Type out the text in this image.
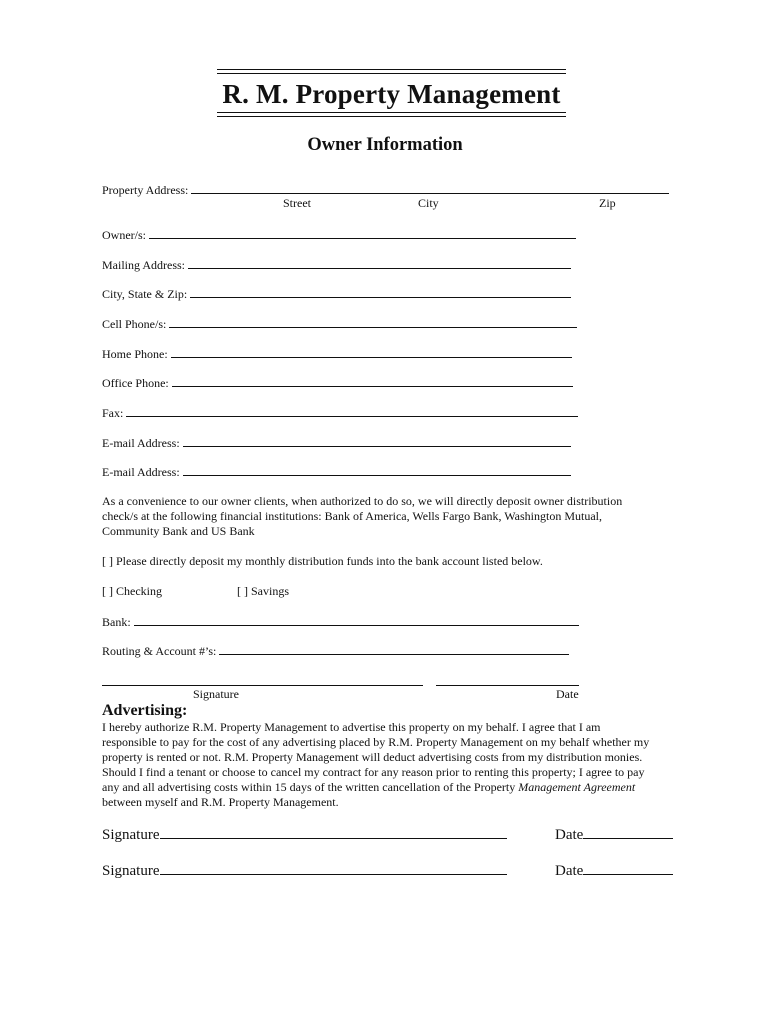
R. M. Property Management
Owner Information
Property Address:
Street	City	Zip
Owner/s:
Mailing Address:
City, State & Zip:
Cell Phone/s:
Home Phone:
Office Phone:
Fax:
E-mail Address:
E-mail Address:
As a convenience to our owner clients, when authorized to do so, we will directly deposit owner distribution
check/s at the following financial institutions: Bank of America, Wells Fargo Bank, Washington Mutual,
Community Bank and US Bank
[ ] Please directly deposit my monthly distribution funds into the bank account listed below.
[ ] Checking	[ ] Savings
Bank:
Routing & Account #’s:
Signature	Date
Advertising:
I hereby authorize R.M. Property Management to advertise this property on my behalf. I agree that I am
responsible to pay for the cost of any advertising placed by R.M. Property Management on my behalf whether my
property is rented or not. R.M. Property Management will deduct advertising costs from my distribution monies.
Should I find a tenant or choose to cancel my contract for any reason prior to renting this property; I agree to pay
any and all advertising costs within 15 days of the written cancellation of the Property Management Agreement
between myself and R.M. Property Management.
Signature	Date
Signature	Date
